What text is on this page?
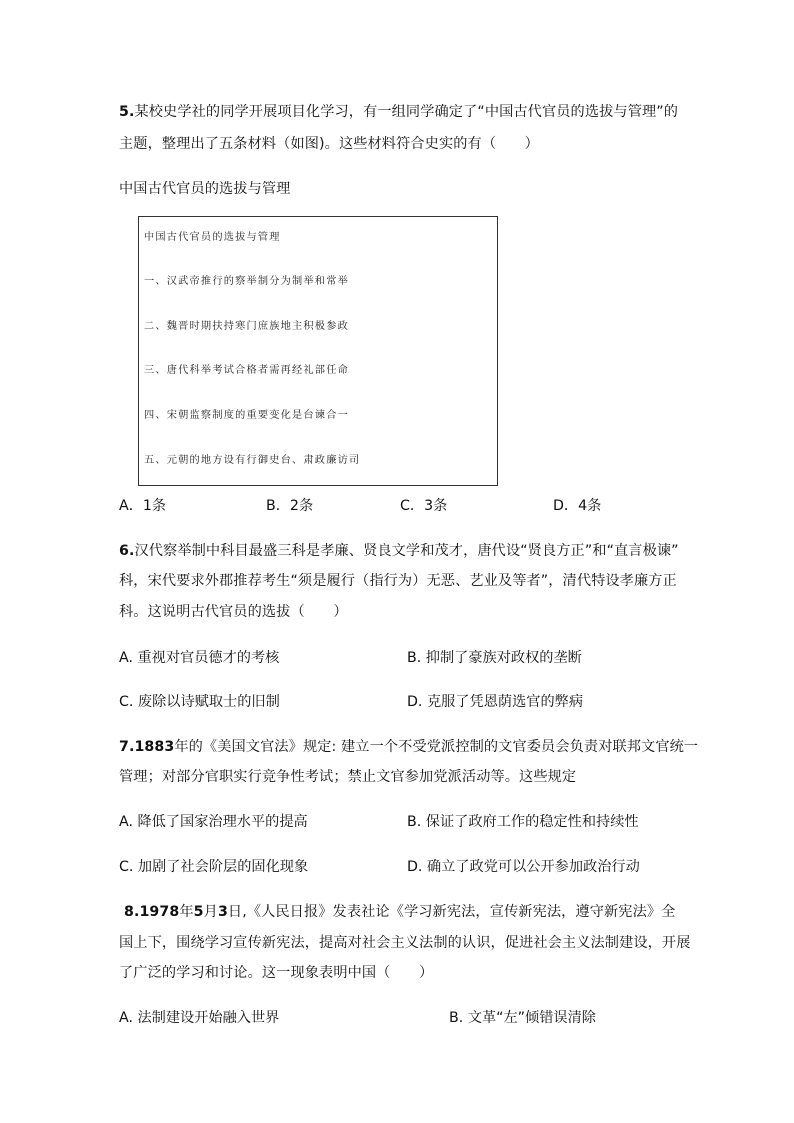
5.某校史学社的同学开展项目化学习，有一组同学确定了“中国古代官员的选拔与管理”的
主题，整理出了五条材料（如图)。这些材料符合史实的有（　　）
中国古代官员的选拔与管理
中国古代官员的选拔与管理
一、汉武帝推行的察举制分为制举和常举
二、魏晋时期扶持寒门庶族地主积极参政
三、唐代科举考试合格者需再经礼部任命
四、宋朝监察制度的重要变化是台谏合一
五、元朝的地方设有行御史台、肃政廉访司
A．1条	B．2条	C．3条	D．4条
6.汉代察举制中科目最盛三科是孝廉、贤良文学和茂才，唐代设“贤良方正”和“直言极谏”
科，宋代要求外郡推荐考生“须是履行（指行为）无恶、艺业及等者”，清代特设孝廉方正
科。这说明古代官员的选拔（　　）
A. 重视对官员德才的考核	B. 抑制了豪族对政权的垄断
C. 废除以诗赋取士的旧制	D. 克服了凭恩荫选官的弊病
7.1883年的《美国文官法》规定: 建立一个不受党派控制的文官委员会负责对联邦文官统一
管理；对部分官职实行竞争性考试；禁止文官参加党派活动等。这些规定
A. 降低了国家治理水平的提高	B. 保证了政府工作的稳定性和持续性
C. 加剧了社会阶层的固化现象	D. 确立了政党可以公开参加政治行动
8.1978年5月3日,《人民日报》发表社论《学习新宪法，宣传新宪法，遵守新宪法》全
国上下，围绕学习宣传新宪法，提高对社会主义法制的认识，促进社会主义法制建设，开展
了广泛的学习和讨论。这一现象表明中国（　　）
A. 法制建设开始融入世界	B. 文革“左”倾错误清除
